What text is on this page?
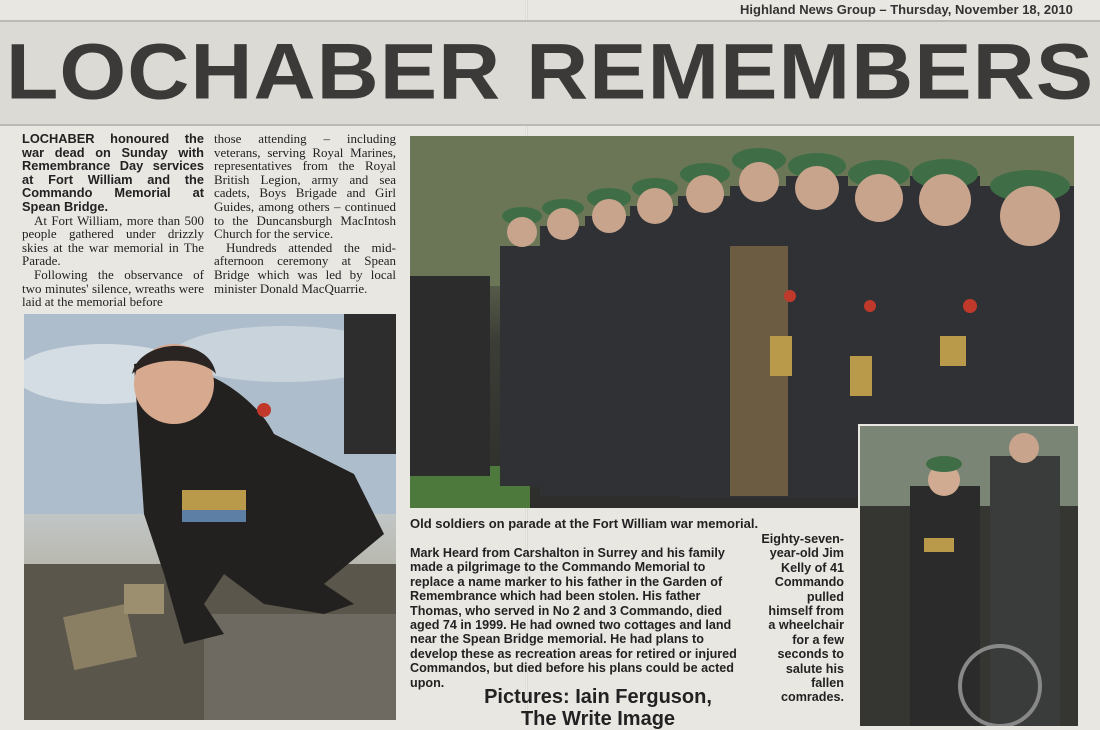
Highland News Group – Thursday, November 18, 2010
LOCHABER REMEMBERS

LOCHABER honoured the war dead on Sunday with Remembrance Day services at Fort William and the Commando Memorial at Spean Bridge.

At Fort William, more than 500 people gathered under drizzly skies at the war memorial in The Parade.

Following the observance of two minutes' silence, wreaths were laid at the memorial before

those attending – including veterans, serving Royal Marines, representatives from the Royal British Legion, army and sea cadets, Boys Brigade and Girl Guides, among others – continued to the Duncansburgh MacIntosh Church for the service.

Hundreds attended the mid-afternoon ceremony at Spean Bridge which was led by local minister Donald MacQuarrie.

Old soldiers on parade at the Fort William war memorial.
Mark Heard from Carshalton in Surrey and his family made a pilgrimage to the Commando Memorial to replace a name marker to his father in the Garden of Remembrance which had been stolen. His father Thomas, who served in No 2 and 3 Commando, died aged 74 in 1999. He had owned two cottages and land near the Spean Bridge memorial. He had plans to develop these as recreation areas for retired or injured Commandos, but died before his plans could be acted upon.
Pictures: Iain Ferguson,
The Write Image
Eighty-seven-year-old Jim Kelly of 41 Commando pulled himself from a wheelchair for a few seconds to salute his fallen comrades.
